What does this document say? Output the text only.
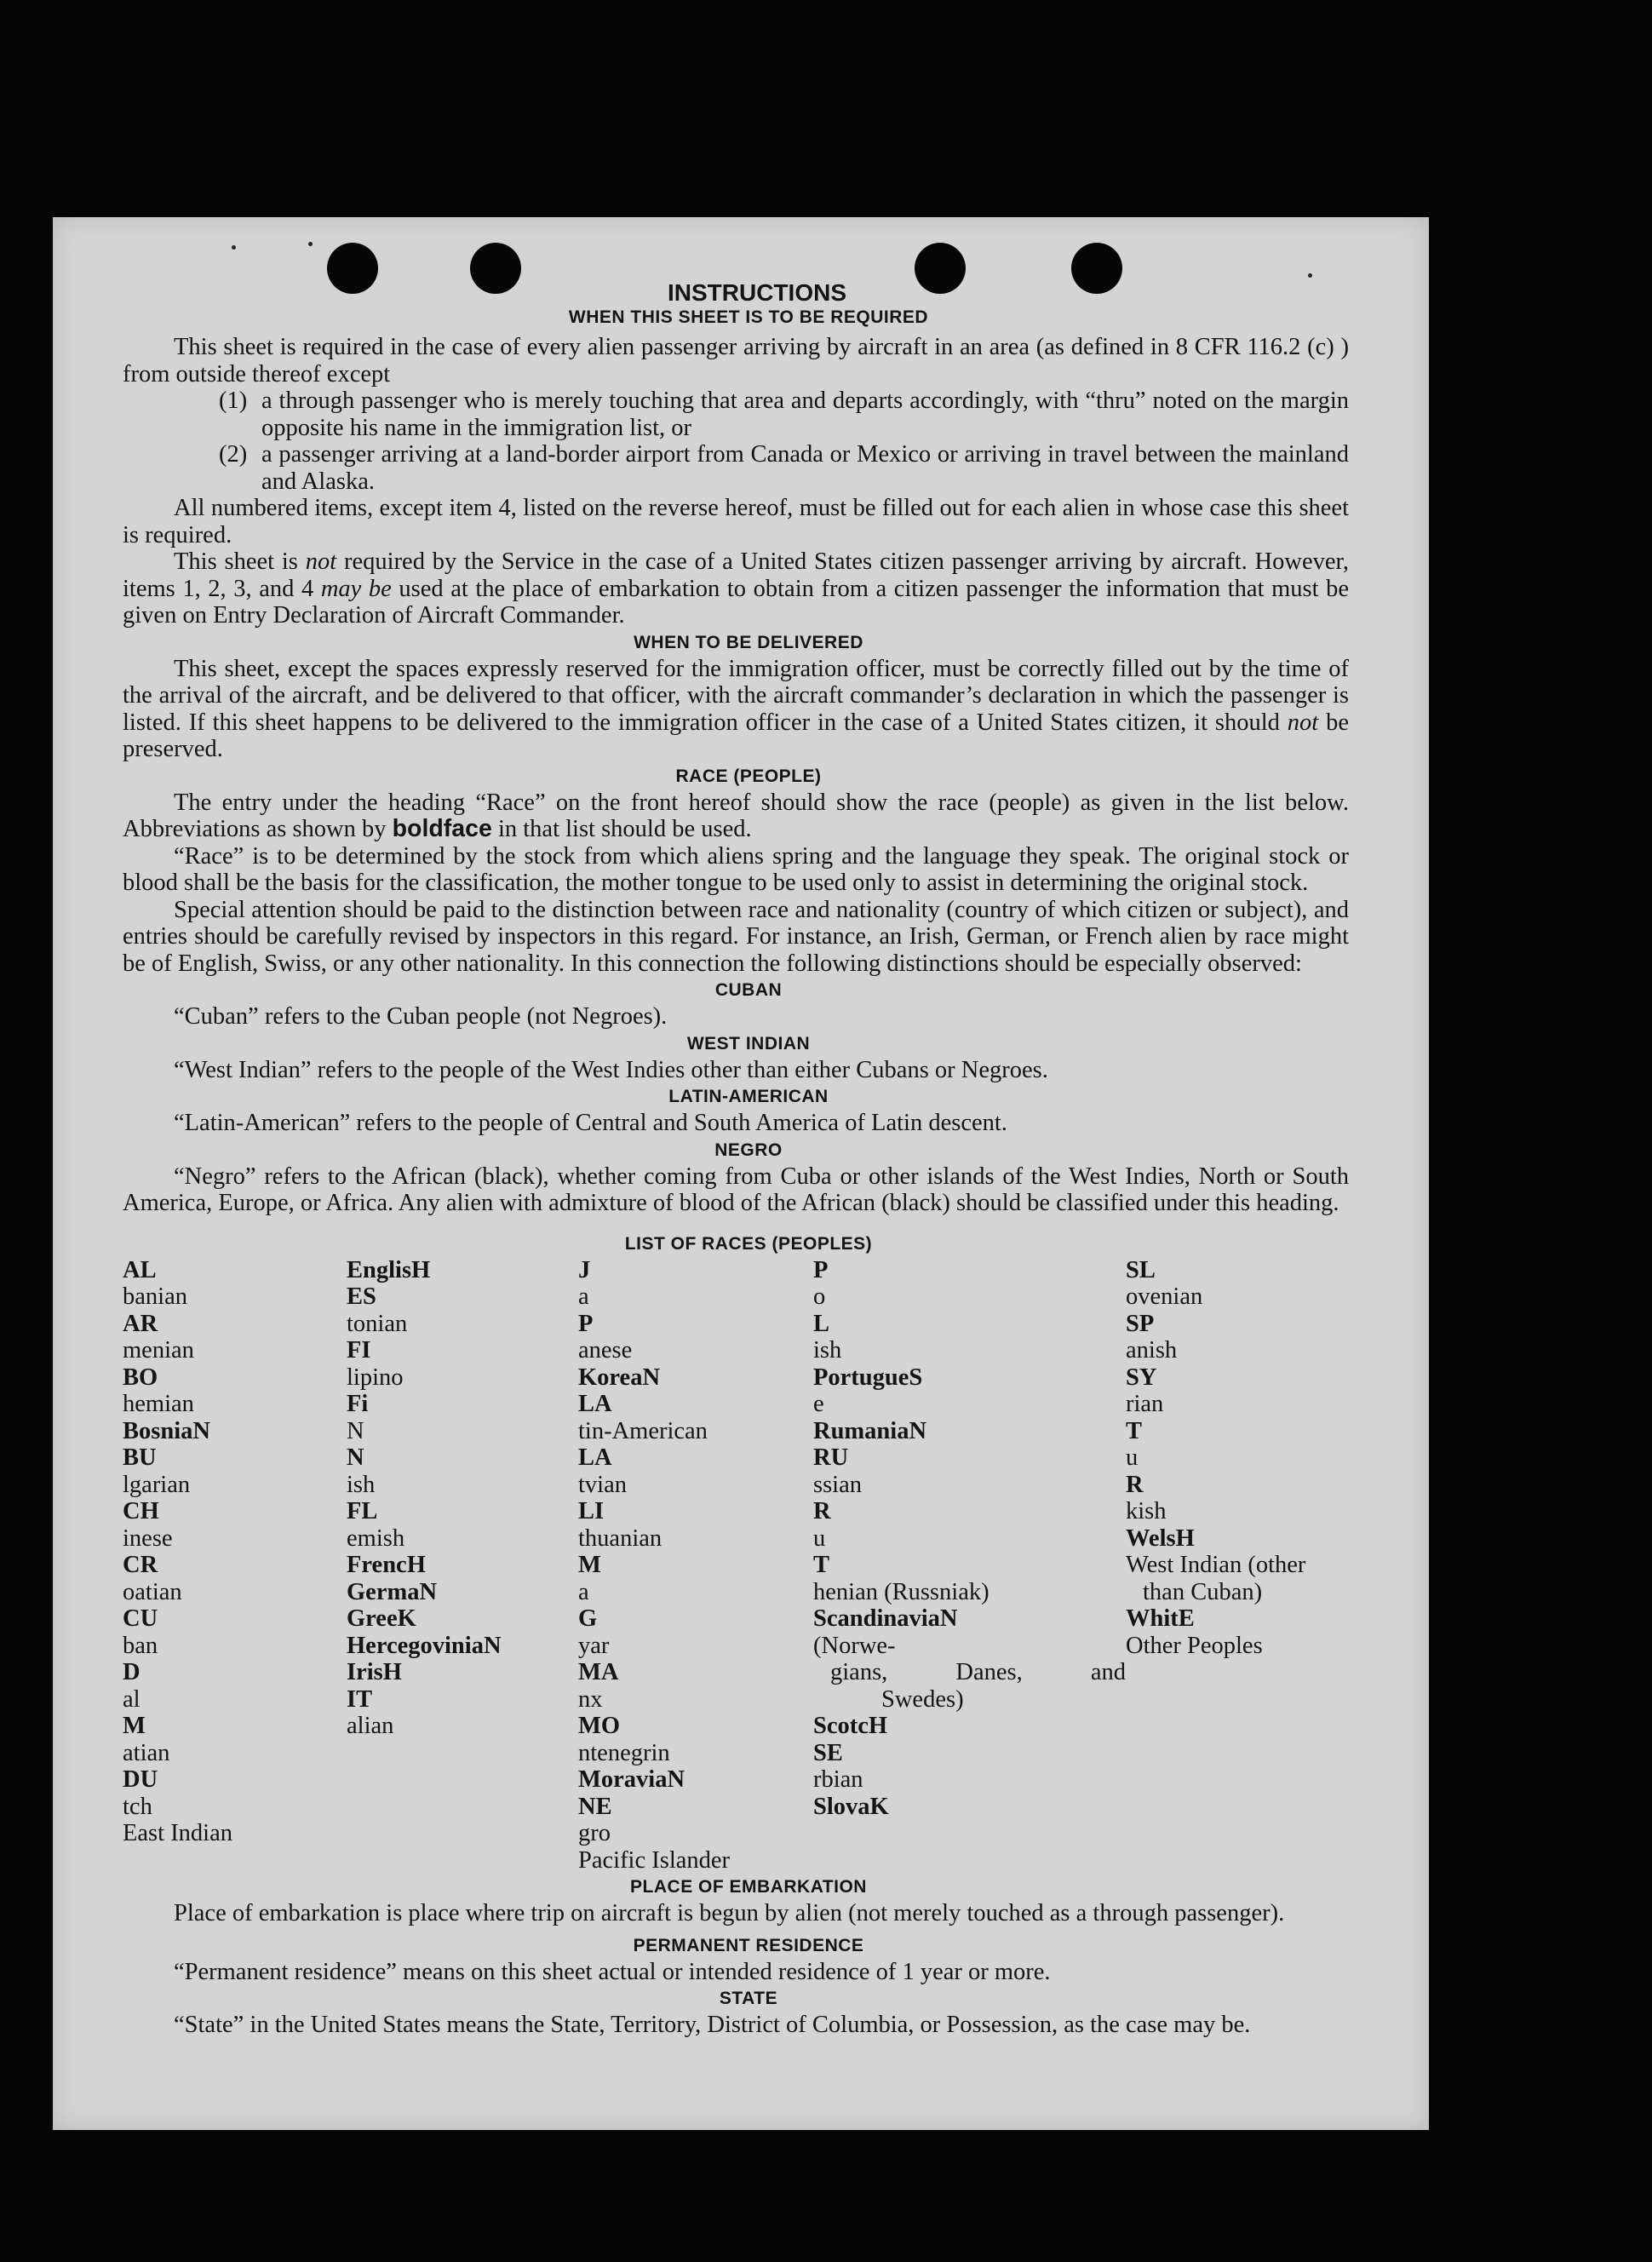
INSTRUCTIONS
WHEN THIS SHEET IS TO BE REQUIRED

This sheet is required in the case of every alien passenger arriving by aircraft in an area (as defined in 8 CFR 116.2 (c) ) from outside thereof except

(1) a through passenger who is merely touching that area and departs accordingly, with “thru” noted on the margin opposite his name in the immigration list, or
(2) a passenger arriving at a land-border airport from Canada or Mexico or arriving in travel between the mainland and Alaska.

All numbered items, except item 4, listed on the reverse hereof, must be filled out for each alien in whose case this sheet is required.

This sheet is not required by the Service in the case of a United States citizen passenger arriving by aircraft. However, items 1, 2, 3, and 4 may be used at the place of embarkation to obtain from a citizen passenger the information that must be given on Entry Declaration of Aircraft Commander.

WHEN TO BE DELIVERED

This sheet, except the spaces expressly reserved for the immigration officer, must be correctly filled out by the time of the arrival of the aircraft, and be delivered to that officer, with the aircraft commander’s declaration in which the passenger is listed. If this sheet happens to be delivered to the immigration officer in the case of a United States citizen, it should not be preserved.

RACE (PEOPLE)

The entry under the heading “Race” on the front hereof should show the race (people) as given in the list below. Abbreviations as shown by boldface in that list should be used.

“Race” is to be determined by the stock from which aliens spring and the language they speak. The original stock or blood shall be the basis for the classification, the mother tongue to be used only to assist in determining the original stock.

Special attention should be paid to the distinction between race and nationality (country of which citizen or subject), and entries should be carefully revised by inspectors in this regard. For instance, an Irish, German, or French alien by race might be of English, Swiss, or any other nationality. In this connection the following distinctions should be especially observed:

CUBAN

“Cuban” refers to the Cuban people (not Negroes).

WEST INDIAN

“West Indian” refers to the people of the West Indies other than either Cubans or Negroes.

LATIN-AMERICAN

“Latin-American” refers to the people of Central and South America of Latin descent.

NEGRO

“Negro” refers to the African (black), whether coming from Cuba or other islands of the West Indies, North or South America, Europe, or Africa. Any alien with admixture of blood of the African (black) should be classified under this heading.

LIST OF RACES (PEOPLES)
AL
banian
AR
menian
BO
hemian
BosniaN
BU
lgarian
CH
inese
CR
oatian
CU
ban
D
al
M
atian
DU
tch
East Indian
EnglisH
ES
tonian
FI
lipino
Fi
N
N
ish
FL
emish
FrencH
GermaN
GreeK
HercegoviniaN
IrisH
IT
alian
J
a
P
anese
KoreaN
LA
tin-American
LA
tvian
LI
thuanian
M
a
G
yar
MA
nx
MO
ntenegrin
MoraviaN
NE
gro
Pacific Islander
P
o
L
ish
PortugueS
e
RumaniaN
RU
ssian
R
u
T
henian (Russniak)
ScandinaviaN
(Norwe-
gians, Danes, and
Swedes)
ScotcH
SE
rbian
SlovaK
SL
ovenian
SP
anish
SY
rian
T
u
R
kish
WelsH
West Indian (other
than Cuban)
WhitE
Other Peoples
PLACE OF EMBARKATION

Place of embarkation is place where trip on aircraft is begun by alien (not merely touched as a through passenger).

PERMANENT RESIDENCE

“Permanent residence” means on this sheet actual or intended residence of 1 year or more.

STATE

“State” in the United States means the State, Territory, District of Columbia, or Possession, as the case may be.
